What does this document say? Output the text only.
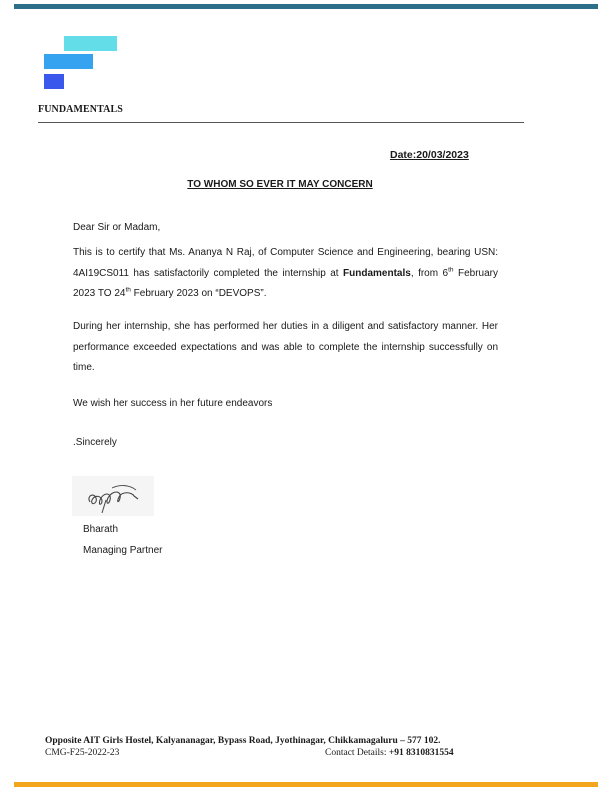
FUNDAMENTALS
Date:20/03/2023
TO WHOM SO EVER IT MAY CONCERN
Dear Sir or Madam,
This is to certify that Ms. Ananya N Raj, of Computer Science and Engineering, bearing USN: 4AI19CS011 has satisfactorily completed the internship at Fundamentals, from 6th February 2023 TO 24th February 2023 on “DEVOPS”.
During her internship, she has performed her duties in a diligent and satisfactory manner. Her performance exceeded expectations and was able to complete the internship successfully on time.
We wish her success in her future endeavors
.Sincerely
Bharath
Managing Partner
Opposite AIT Girls Hostel, Kalyananagar, Bypass Road, Jyothinagar, Chikkamagaluru – 577 102.
CMG-F25-2022-23	Contact Details: +91 8310831554
